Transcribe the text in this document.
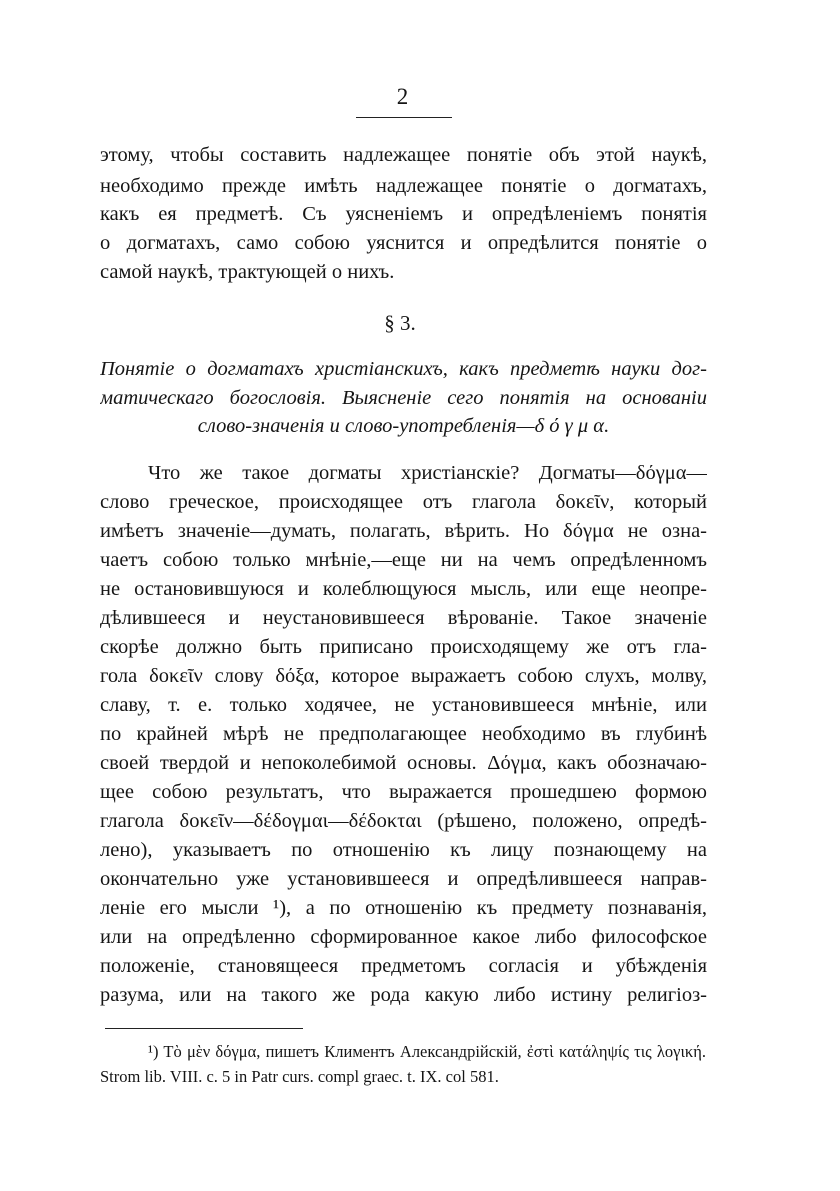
2
этому, чтобы составить надлежащее понятіе объ этой наукѣ,
необходимо прежде имѣть надлежащее понятіе о догматахъ,
какъ ея предметѣ. Съ уясненіемъ и опредѣленіемъ понятія
о догматахъ, само собою уяснится и опредѣлится понятіе о
самой наукѣ, трактующей о нихъ.
§ 3.
Понятіе о догматахъ христіанскихъ, какъ предметѣ науки дог-
матическаго богословія. Выясненіе сего понятія на основаніи
слово-значенія и слово-употребленія—δ ό γ μ α.
Что же такое догматы христіанскіе? Догматы—δόγμα—
слово греческое, происходящее отъ глагола δοκεῖν, который
имѣетъ значеніе—думать, полагать, вѣрить. Но δόγμα не озна-
чаетъ собою только мнѣніе,—еще ни на чемъ опредѣленномъ
не остановившуюся и колеблющуюся мысль, или еще неопре-
дѣлившееся и неустановившееся вѣрованіе. Такое значеніе
скорѣе должно быть приписано происходящему же отъ гла-
гола δοκεῖν слову δόξα, которое выражаетъ собою слухъ, молву,
славу, т. е. только ходячее, не установившееся мнѣніе, или
по крайней мѣрѣ не предполагающее необходимо въ глубинѣ
своей твердой и непоколебимой основы. Δόγμα, какъ обозначаю-
щее собою результатъ, что выражается прошедшею формою
глагола δοκεῖν—δέδογμαι—δέδοκται (рѣшено, положено, опредѣ-
лено), указываетъ по отношенію къ лицу познающему на
окончательно уже установившееся и опредѣлившееся направ-
леніе его мысли ¹), а по отношенію къ предмету познаванія,
или на опредѣленно сформированное какое либо философское
положеніе, становящееся предметомъ согласія и убѣжденія
разума, или на такого же рода какую либо истину религіоз-
¹) Τὸ μὲν δόγμα, пишетъ Климентъ Александрійскій, ἐστὶ κατάληψίς τις λογική.
Strom lib. VIII. c. 5 in Patr curs. compl graec. t. IX. col 581.
